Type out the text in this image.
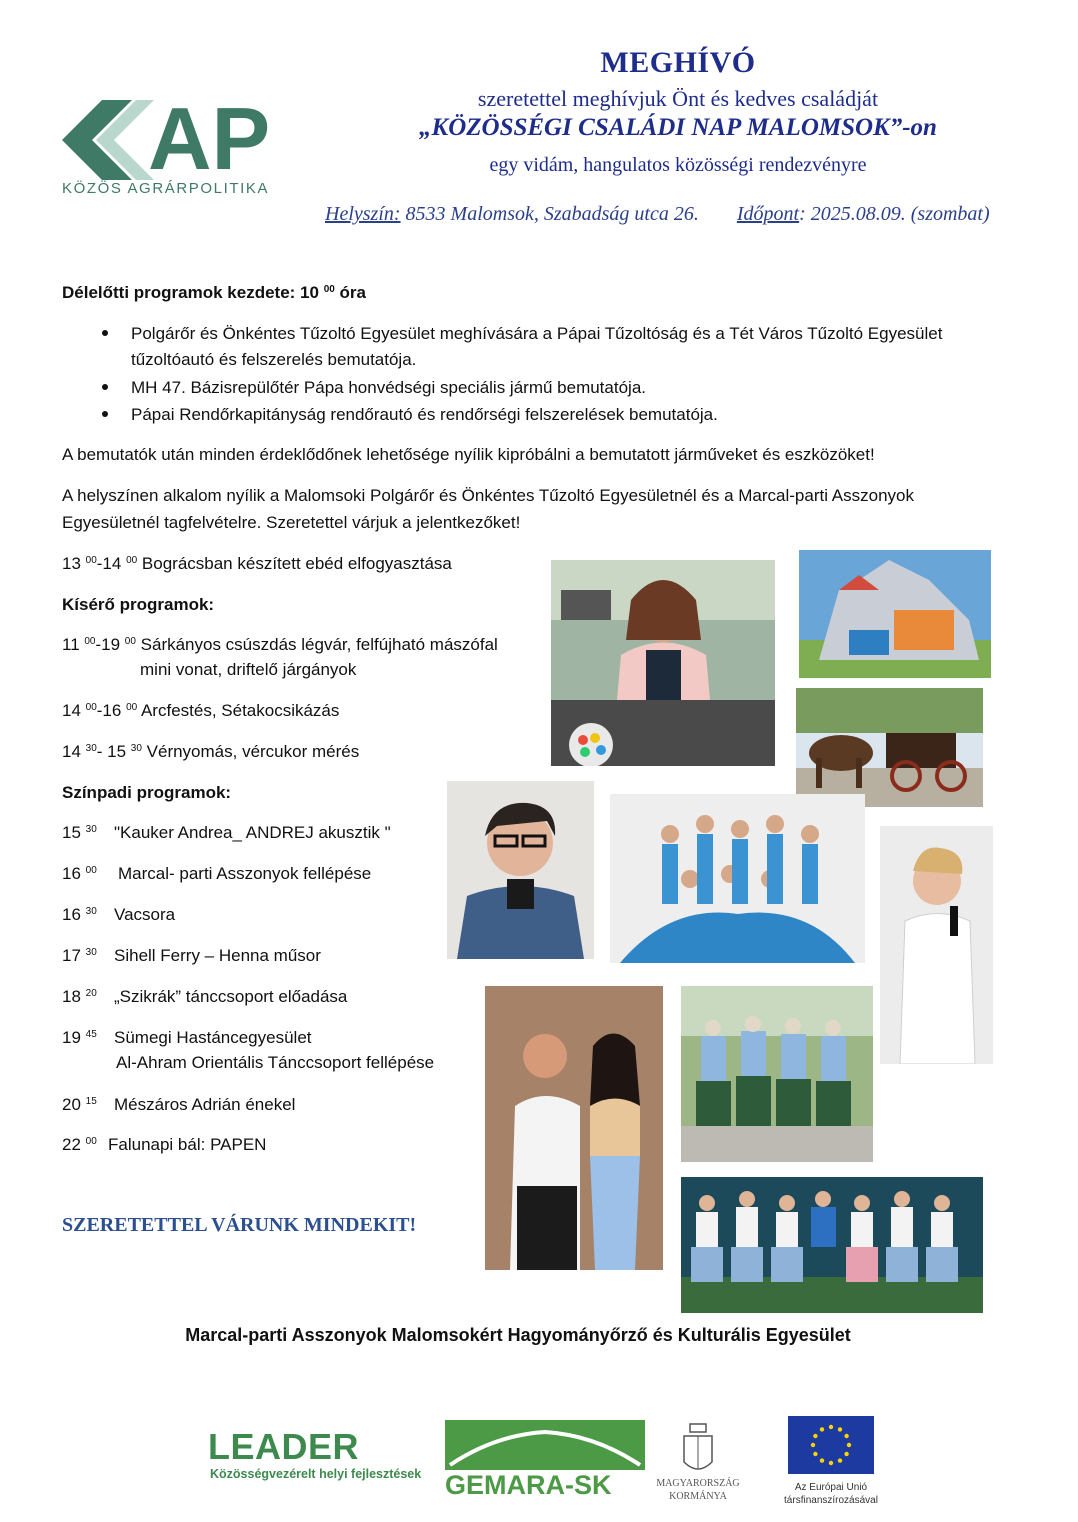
MEGHÍVÓ
szeretettel meghívjuk Önt és kedves családját
„KÖZÖSSÉGI CSALÁDI NAP MALOMSOK”-on
egy vidám, hangulatos közösségi rendezvényre
Helyszín: 8533 Malomsok, Szabadság utca 26. Időpont: 2025.08.09. (szombat)
AP
KÖZÖS AGRÁRPOLITIKA
Délelőtti programok kezdete: 10 $^{00}$ óra
Polgárőr és Önkéntes Tűzoltó Egyesület meghívására a Pápai Tűzoltóság és a Tét Város Tűzoltó Egyesület
tűzoltóautó és felszerelés bemutatója.
MH 47. Bázisrepülőtér Pápa honvédségi speciális jármű bemutatója.
Pápai Rendőrkapitányság rendőrautó és rendőrségi felszerelések bemutatója.
A bemutatók után minden érdeklődőnek lehetősége nyílik kipróbálni a bemutatott járműveket és eszközöket!
A helyszínen alkalom nyílik a Malomsoki Polgárőr és Önkéntes Tűzoltó Egyesületnél és a Marcal-parti Asszonyok
Egyesületnél tagfelvételre. Szeretettel várjuk a jelentkezőket!
13 $^{00}$-14 $^{00}$ Bográcsban készített ebéd elfogyasztása
Kísérő programok:
11 $^{00}$-19 $^{00}$ Sárkányos csúszdás légvár, felfújható mászófal
mini vonat, driftelő járgányok
14 $^{00}$-16 $^{00}$ Arcfestés, Sétakocsikázás
14 $^{30}$- 15 $^{30}$ Vérnyomás, vércukor mérés
Színpadi programok:
15 $^{30}$ "Kauker Andrea_ ANDREJ akusztik "
16 $^{00}$ Marcal- parti Asszonyok fellépése
16 $^{30}$ Vacsora
17 $^{30}$ Sihell Ferry – Henna műsor
18 $^{20}$ „Szikrák” tánccsoport előadása
19 $^{45}$ Sümegi Hastáncegyesület
Al-Ahram Orientális Tánccsoport fellépése
20 $^{15}$ Mészáros Adrián énekel
22 $^{00}$ Falunapi bál: PAPEN
SZERETETTEL VÁRUNK MINDEKIT!
Marcal-parti Asszonyok Malomsokért Hagyományőrző és Kulturális Egyesület
LEADER
Közösségvezérelt helyi fejlesztések GEMARA-SK	MAGYARORSZÁG
KORMÁNYA
Az Európai Unió
társfinanszírozásával
